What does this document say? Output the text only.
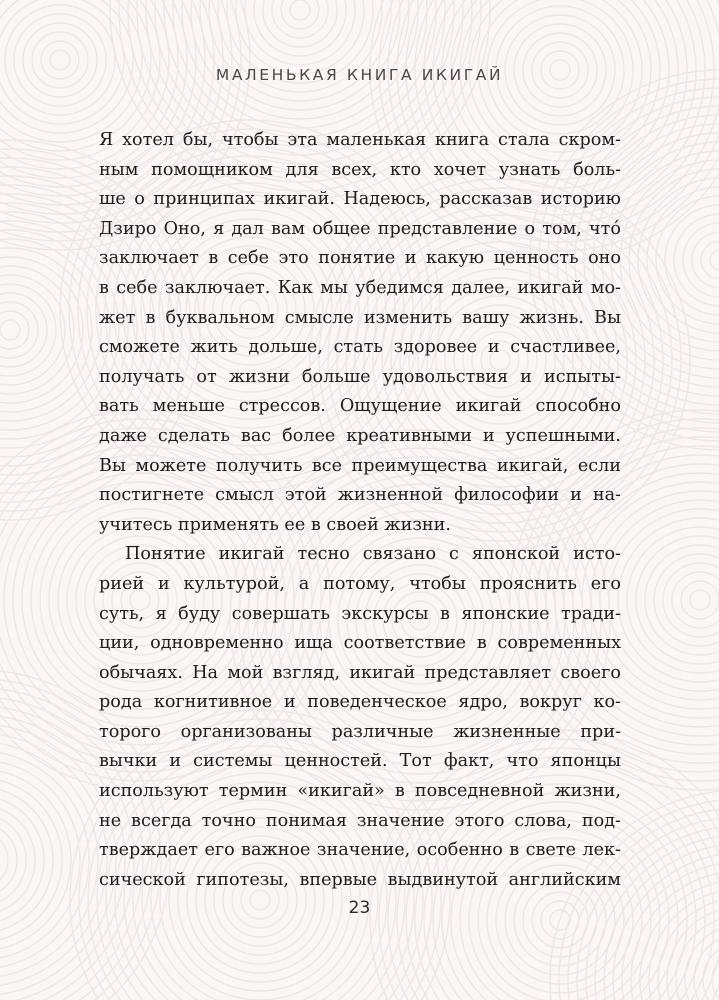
МАЛЕНЬКАЯ КНИГА ИКИГАЙ

Я хотел бы, чтобы эта маленькая книга стала скром-
ным помощником для всех, кто хочет узнать боль-
ше о принципах икигай. Надеюсь, рассказав историю
Дзиро Оно, я дал вам общее представление о том, что́
заключает в себе это понятие и какую ценность оно
в себе заключает. Как мы убедимся далее, икигай мо-
жет в буквальном смысле изменить вашу жизнь. Вы
сможете жить дольше, стать здоровее и счастливее,
получать от жизни больше удовольствия и испыты-
вать меньше стрессов. Ощущение икигай способно
даже сделать вас более креативными и успешными.
Вы можете получить все преимущества икигай, если
постигнете смысл этой жизненной философии и на-
учитесь применять ее в своей жизни.

Понятие икигай тесно связано с японской исто-
рией и культурой, а потому, чтобы прояснить его
суть, я буду совершать экскурсы в японские тради-
ции, одновременно ища соответствие в современных
обычаях. На мой взгляд, икигай представляет своего
рода когнитивное и поведенческое ядро, вокруг ко-
торого организованы различные жизненные при-
вычки и системы ценностей. Тот факт, что японцы
используют термин «икигай» в повседневной жизни,
не всегда точно понимая значение этого слова, под-
тверждает его важное значение, особенно в свете лек-
сической гипотезы, впервые выдвинутой английским

23
